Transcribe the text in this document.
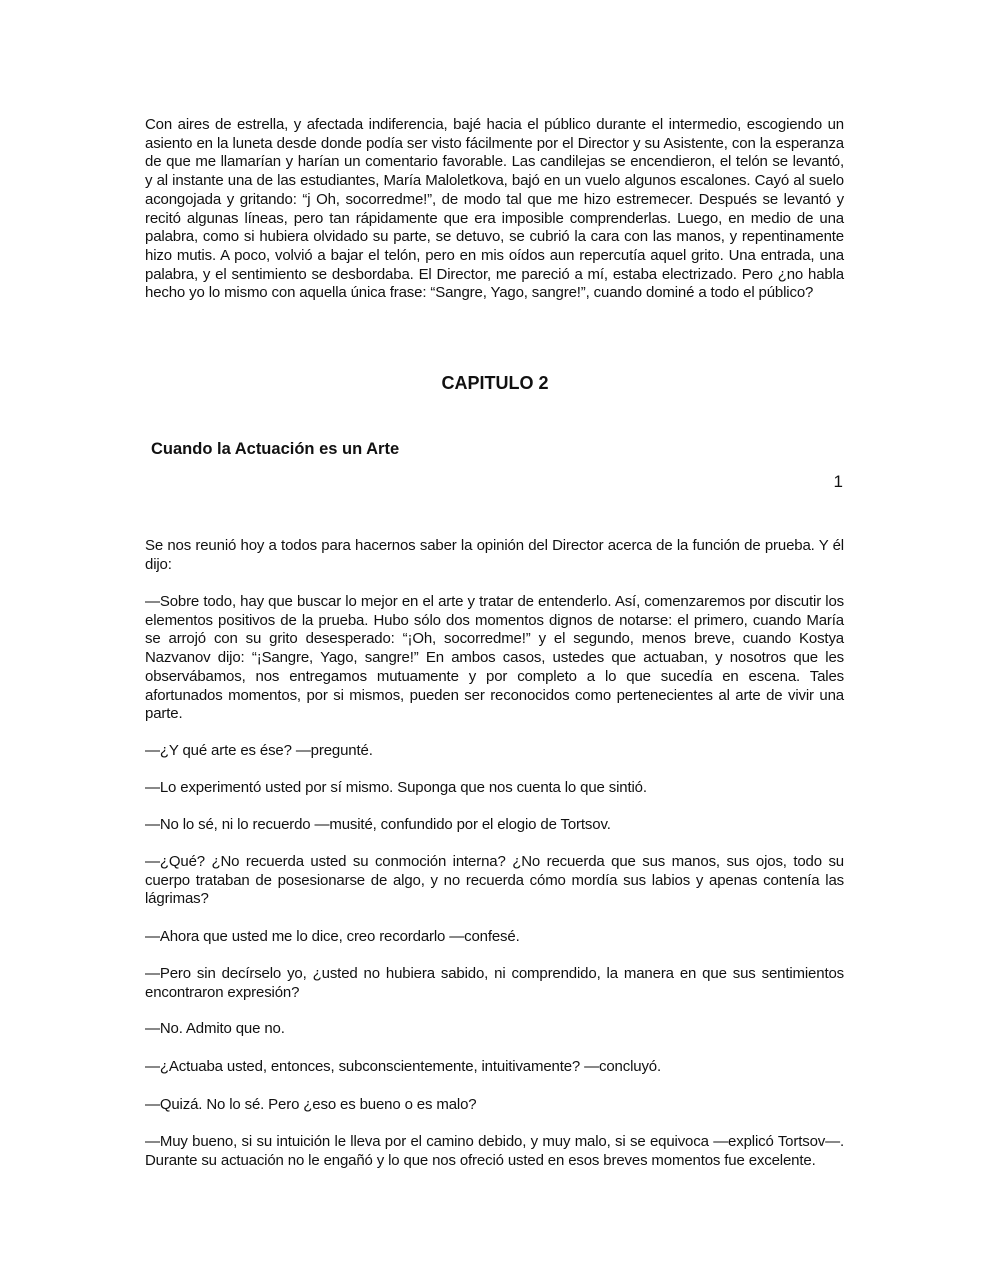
Con aires de estrella, y afectada indiferencia, bajé hacia el público durante el intermedio, escogiendo un asiento en la luneta desde donde podía ser visto fácilmente por el Director y su Asistente, con la esperanza de que me llamarían y harían un comentario favorable. Las candilejas se encendieron, el telón se levantó, y al instante una de las estudiantes, María Maloletkova, bajó en un vuelo algunos escalones. Cayó al suelo acongojada y gritando: “j Oh, socorredme!”, de modo tal que me hizo estremecer. Después se levantó y recitó algunas líneas, pero tan rápidamente que era imposible comprenderlas. Luego, en medio de una palabra, como si hubiera olvidado su parte, se detuvo, se cubrió la cara con las manos, y repentinamente hizo mutis. A poco, volvió a bajar el telón, pero en mis oídos aun repercutía aquel grito. Una entrada, una palabra, y el sentimiento se desbordaba. El Director, me pareció a mí, estaba electrizado. Pero ¿no habla hecho yo lo mismo con aquella única frase: “Sangre, Yago, sangre!”, cuando dominé a todo el público?

CAPITULO 2
Cuando la Actuación es un Arte
1

Se nos reunió hoy a todos para hacernos saber la opinión del Director acerca de la función de prueba. Y él dijo:

—Sobre todo, hay que buscar lo mejor en el arte y tratar de entenderlo. Así, comenzaremos por discutir los elementos positivos de la prueba. Hubo sólo dos momentos dignos de notarse: el primero, cuando María se arrojó con su grito desesperado: “¡Oh, socorredme!” y el segundo, menos breve, cuando Kostya Nazvanov dijo: “¡Sangre, Yago, sangre!” En ambos casos, ustedes que actuaban, y nosotros que les observábamos, nos entregamos mutuamente y por completo a lo que sucedía en escena. Tales afortunados momentos, por si mismos, pueden ser reconocidos como pertenecientes al arte de vivir una parte.

—¿Y qué arte es ése? —pregunté.

—Lo experimentó usted por sí mismo. Suponga que nos cuenta lo que sintió.

—No lo sé, ni lo recuerdo —musité, confundido por el elogio de Tortsov.

—¿Qué? ¿No recuerda usted su conmoción interna? ¿No recuerda que sus manos, sus ojos, todo su cuerpo trataban de posesionarse de algo, y no recuerda cómo mordía sus labios y apenas contenía las lágrimas?

—Ahora que usted me lo dice, creo recordarlo —confesé.

—Pero sin decírselo yo, ¿usted no hubiera sabido, ni comprendido, la manera en que sus sentimientos encontraron expresión?

—No. Admito que no.

—¿Actuaba usted, entonces, subconscientemente, intuitivamente? —concluyó.

—Quizá. No lo sé. Pero ¿eso es bueno o es malo?

—Muy bueno, si su intuición le lleva por el camino debido, y muy malo, si se equivoca —explicó Tortsov—. Durante su actuación no le engañó y lo que nos ofreció usted en esos breves momentos fue excelente.
